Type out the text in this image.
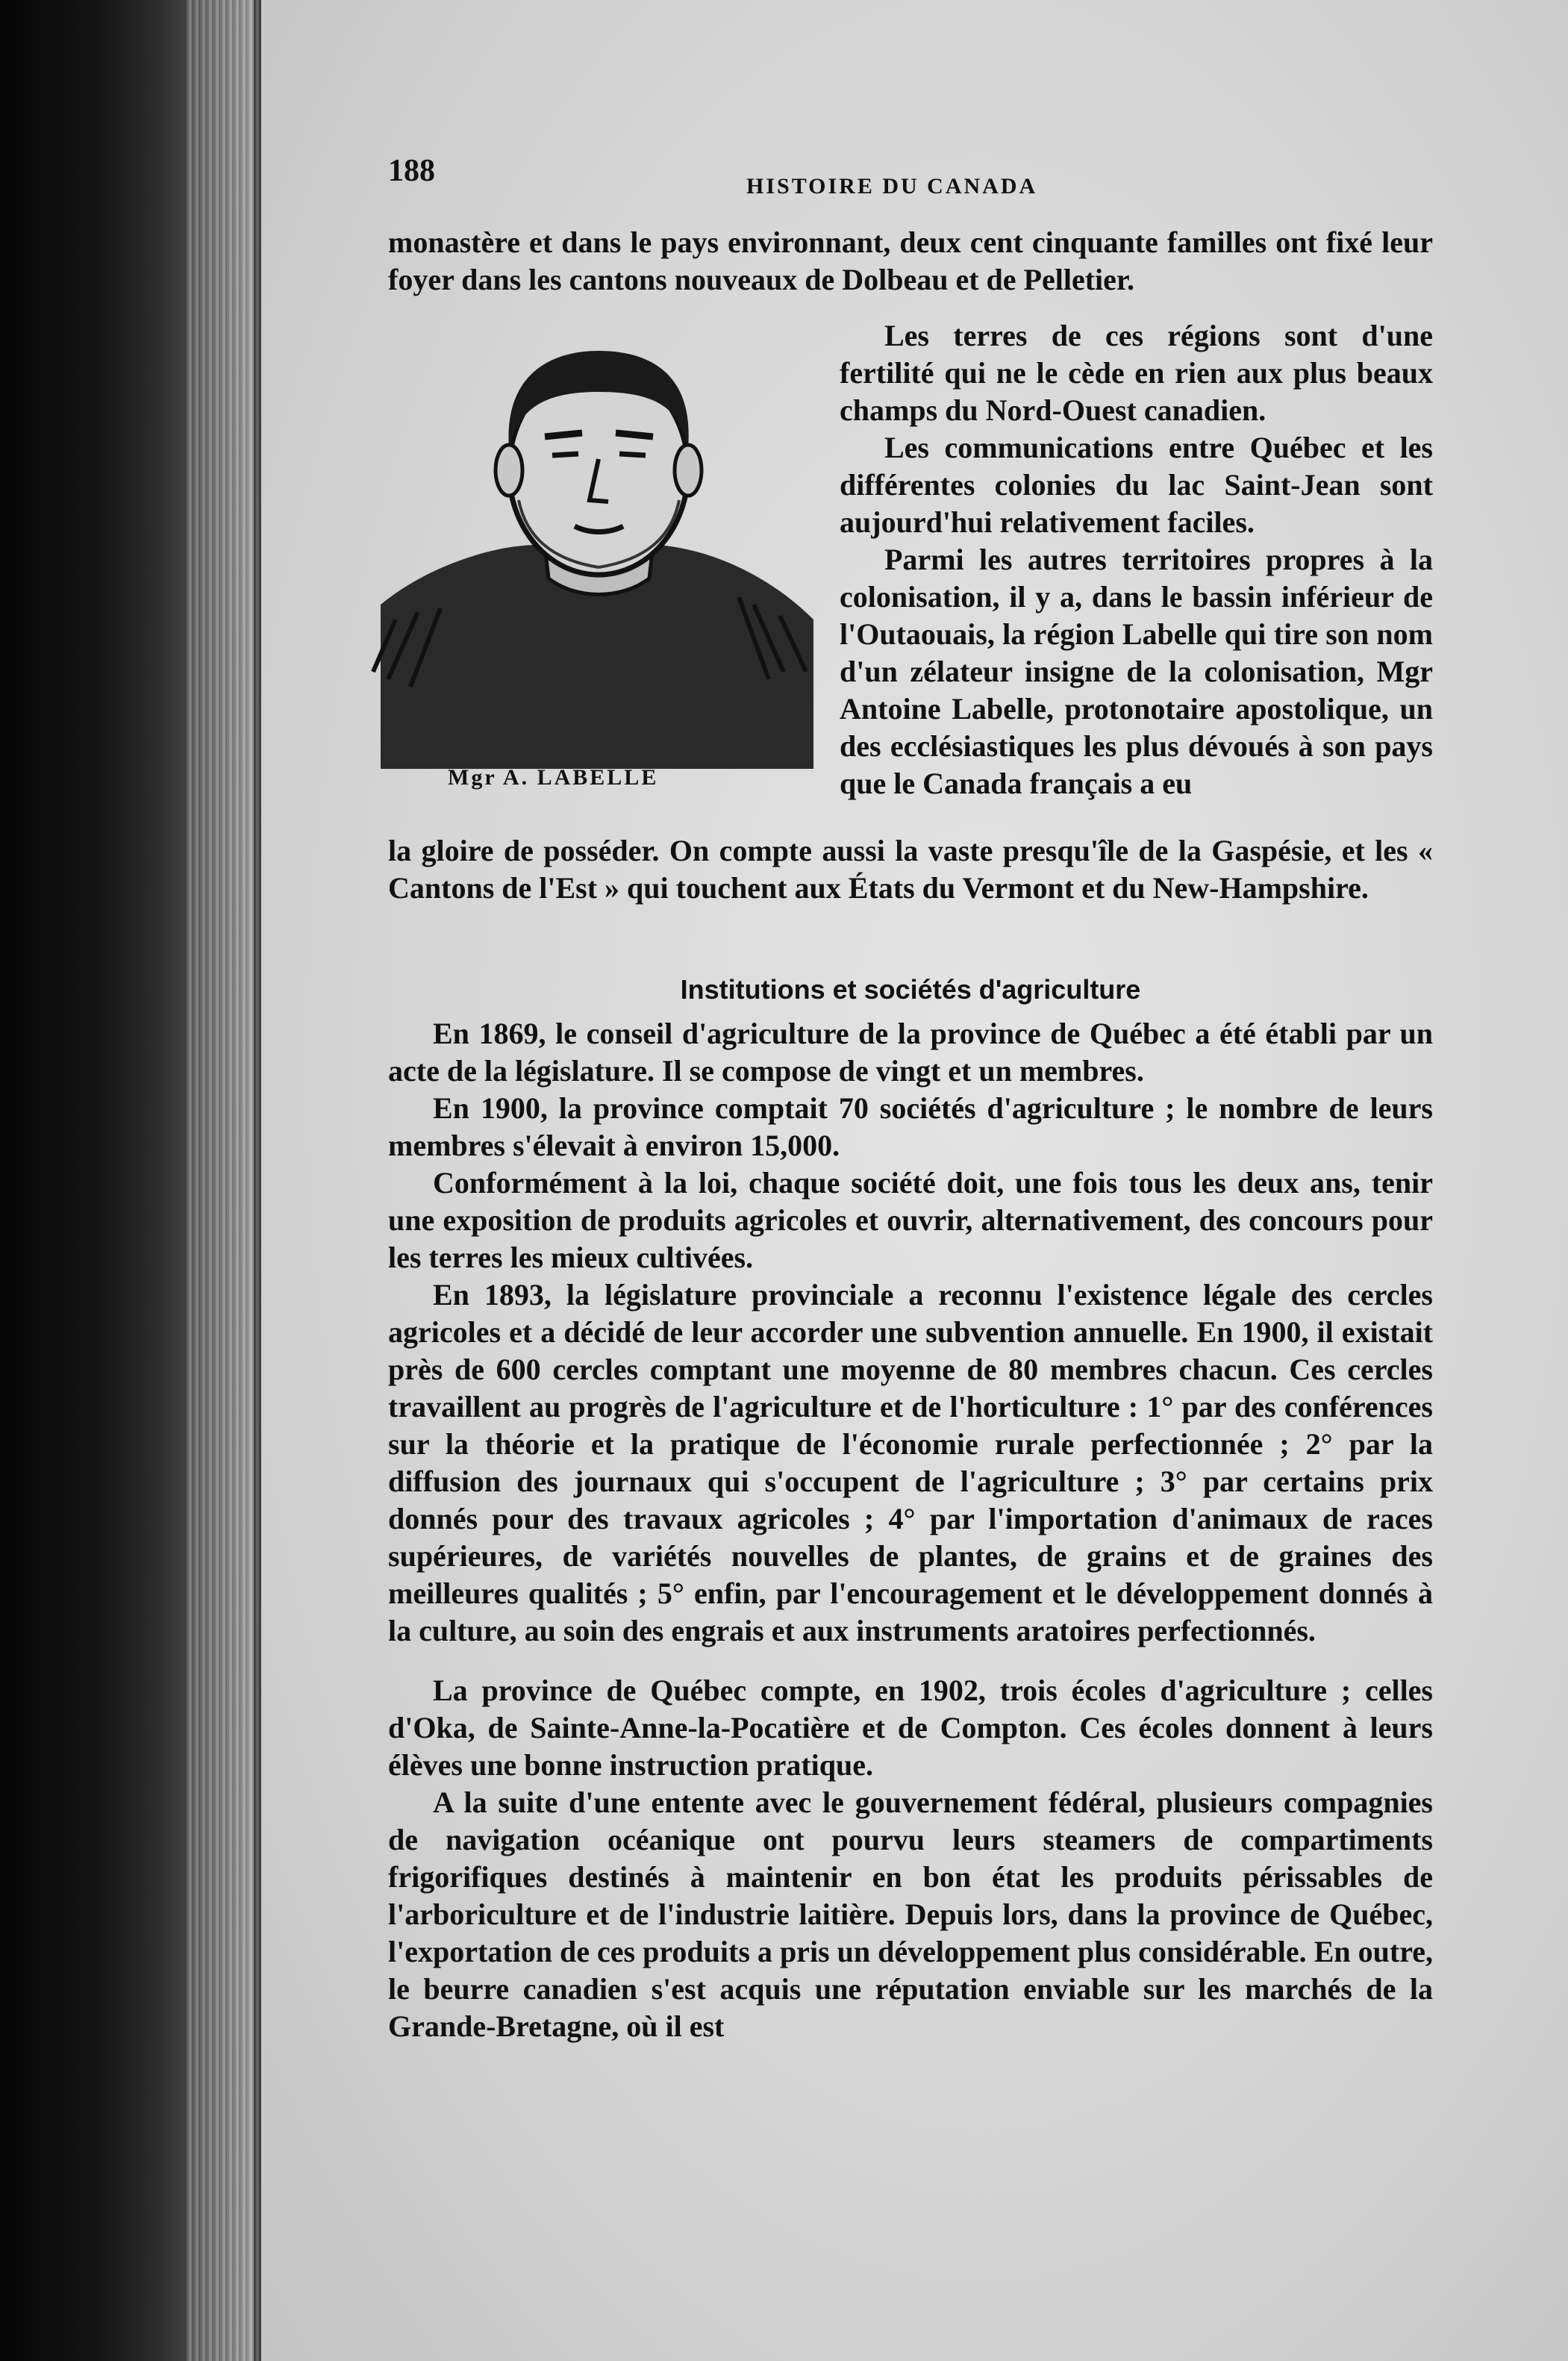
188	HISTOIRE DU CANADA

monastère et dans le pays environnant, deux cent cinquante familles ont fixé leur foyer dans les cantons nouveaux de Dolbeau et de Pelletier.

Mgr A. LABELLE

Les terres de ces régions sont d'une fertilité qui ne le cède en rien aux plus beaux champs du Nord-Ouest canadien.

Les communications entre Québec et les différentes colonies du lac Saint-Jean sont aujourd'hui relativement faciles.

Parmi les autres territoires propres à la colonisation, il y a, dans le bassin inférieur de l'Outaouais, la région Labelle qui tire son nom d'un zélateur insigne de la colonisation, Mgr Antoine Labelle, protonotaire apostolique, un des ecclésiastiques les plus dévoués à son pays que le Canada français a eu

la gloire de posséder. On compte aussi la vaste presqu'île de la Gaspésie, et les « Cantons de l'Est » qui touchent aux États du Vermont et du New-Hampshire.

Institutions et sociétés d'agriculture

En 1869, le conseil d'agriculture de la province de Québec a été établi par un acte de la législature. Il se compose de vingt et un membres.

En 1900, la province comptait 70 sociétés d'agriculture ; le nombre de leurs membres s'élevait à environ 15,000.

Conformément à la loi, chaque société doit, une fois tous les deux ans, tenir une exposition de produits agricoles et ouvrir, alternativement, des concours pour les terres les mieux cultivées.

En 1893, la législature provinciale a reconnu l'existence légale des cercles agricoles et a décidé de leur accorder une subvention annuelle. En 1900, il existait près de 600 cercles comptant une moyenne de 80 membres chacun. Ces cercles travaillent au progrès de l'agriculture et de l'horticulture : 1° par des conférences sur la théorie et la pratique de l'économie rurale perfectionnée ; 2° par la diffusion des journaux qui s'occupent de l'agriculture ; 3° par certains prix donnés pour des travaux agricoles ; 4° par l'importation d'animaux de races supérieures, de variétés nouvelles de plantes, de grains et de graines des meilleures qualités ; 5° enfin, par l'encouragement et le développement donnés à la culture, au soin des engrais et aux instruments aratoires perfectionnés.

La province de Québec compte, en 1902, trois écoles d'agriculture ; celles d'Oka, de Sainte-Anne-la-Pocatière et de Compton. Ces écoles donnent à leurs élèves une bonne instruction pratique.

A la suite d'une entente avec le gouvernement fédéral, plusieurs compagnies de navigation océanique ont pourvu leurs steamers de compartiments frigorifiques destinés à maintenir en bon état les produits périssables de l'arboriculture et de l'industrie laitière. Depuis lors, dans la province de Québec, l'exportation de ces produits a pris un développement plus considérable. En outre, le beurre canadien s'est acquis une réputation enviable sur les marchés de la Grande-Bretagne, où il est
